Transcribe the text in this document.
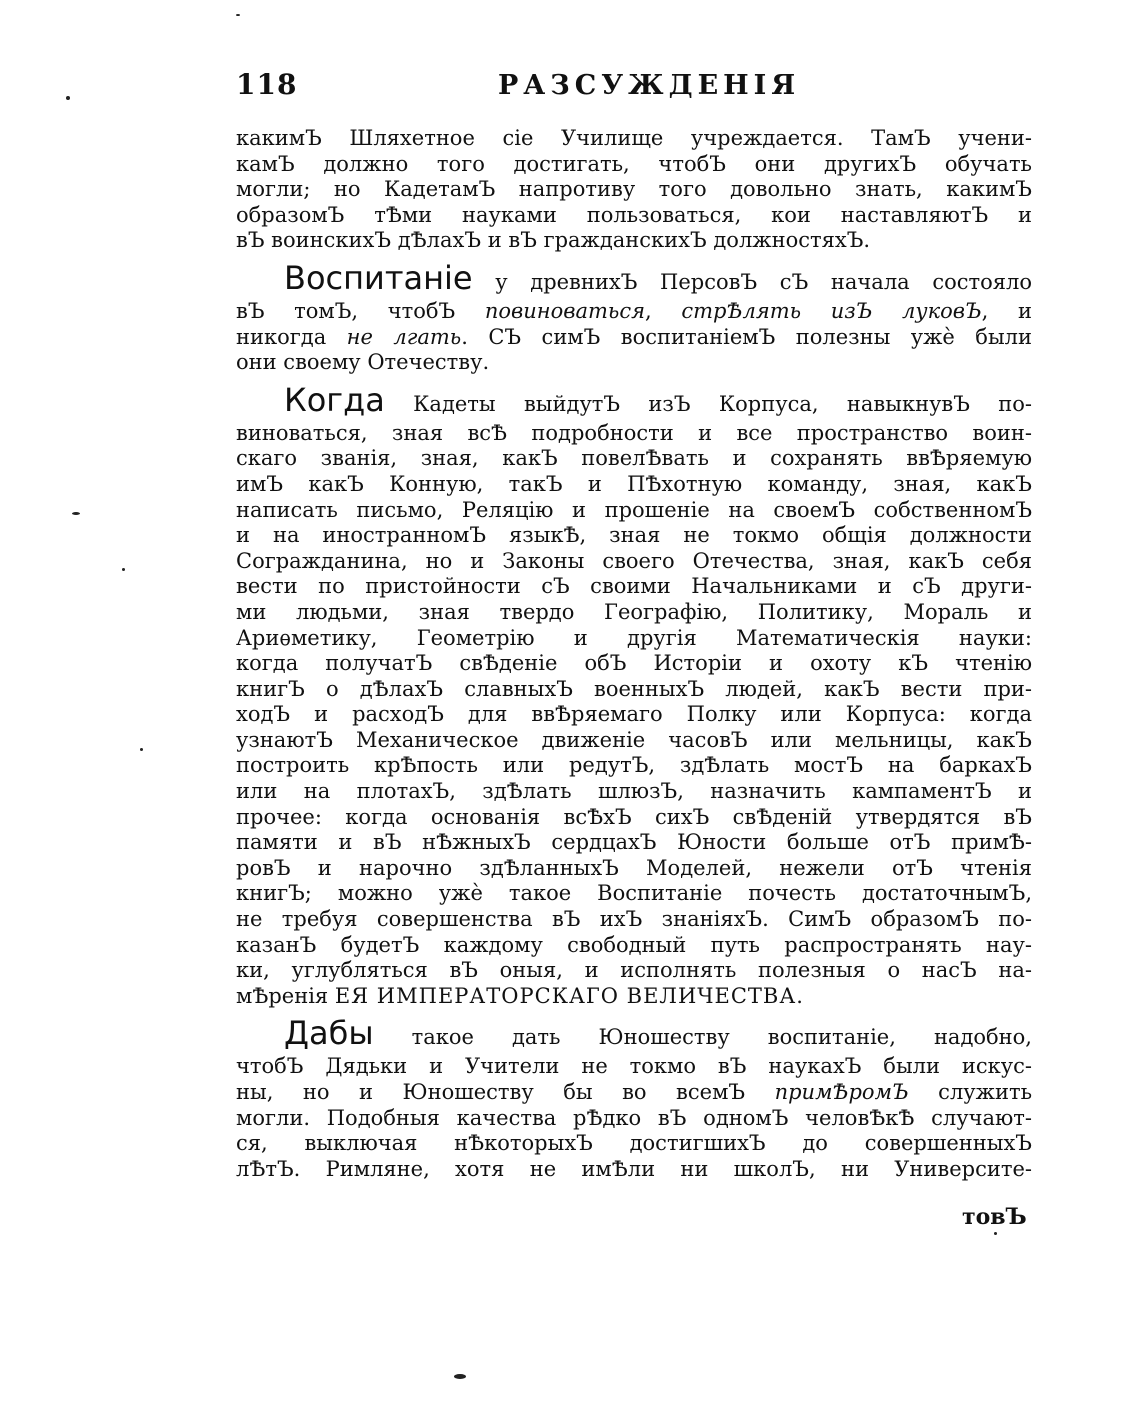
118	РАЗСУЖДЕНІЯ
какимЪ Шляхетное сіе Училище учреждается. ТамЪ учени-
камЪ должно того достигать, чтобЪ они другихЪ обучать
могли; но КадетамЪ напротиву того довольно знать, какимЪ
образомЪ тѢми науками пользоваться, кои наставляютЪ и
вЪ воинскихЪ дѢлахЪ и вЪ гражданскихЪ должностяхЪ.
Воспитаніе у древнихЪ ПерсовЪ сЪ начала состояло
вЪ томЪ, чтобЪ повиноваться, стрѢлять изЪ луковЪ, и
никогда не лгать. СЪ симЪ воспитаніемЪ полезны ужè были
они своему Отечеству.
Когда Кадеты выйдутЪ изЪ Корпуса, навыкнувЪ по-
виноваться, зная всѢ подробности и все пространство воин-
скаго званія, зная, какЪ повелѢвать и сохранять ввѢряемую
имЪ какЪ Конную, такЪ и ПѢхотную команду, зная, какЪ
написать письмо, Реляцію и прошеніе на своемЪ собственномЪ
и на иностранномЪ языкѢ, зная не токмо общія должности
Согражданина, но и Законы своего Отечества, зная, какЪ себя
вести по пристойности сЪ своими Начальниками и сЪ други-
ми людьми, зная твердо Географію, Политику, Мораль и
Ариѳметику, Геометрію и другія Математическія науки:
когда получатЪ свѢденіе обЪ Исторіи и охоту кЪ чтенію
книгЪ о дѢлахЪ славныхЪ военныхЪ людей, какЪ вести при-
ходЪ и расходЪ для ввѢряемаго Полку или Корпуса: когда
узнаютЪ Механическое движеніе часовЪ или мельницы, какЪ
построить крѢпость или редутЪ, здѢлать мостЪ на баркахЪ
или на плотахЪ, здѢлать шлюзЪ, назначить кампаментЪ и
прочее: когда основанія всѢхЪ сихЪ свѢденій утвердятся вЪ
памяти и вЪ нѢжныхЪ сердцахЪ Юности больше отЪ примѢ-
ровЪ и нарочно здѢланныхЪ Моделей, нежели отЪ чтенія
книгЪ; можно ужè такое Воспитаніе почесть достаточнымЪ,
не требуя совершенства вЪ ихЪ знаніяхЪ. СимЪ образомЪ по-
казанЪ будетЪ каждому свободный путь распространять нау-
ки, углубляться вЪ оныя, и исполнять полезныя о насЪ на-
мѢренія ЕЯ ИМПЕРАТОРСКАГО ВЕЛИЧЕСТВА.
Дабы такое дать Юношеству воспитаніе, надобно,
чтобЪ Дядьки и Учители не токмо вЪ наукахЪ были искус-
ны, но и Юношеству бы во всемЪ примѢромЪ служить
могли. Подобныя качества рѢдко вЪ одномЪ человѢкѢ случают-
ся, выключая нѢкоторыхЪ достигшихЪ до совершенныхЪ
лѢтЪ. Римляне, хотя не имѢли ни школЪ, ни Университе-
товЪ
